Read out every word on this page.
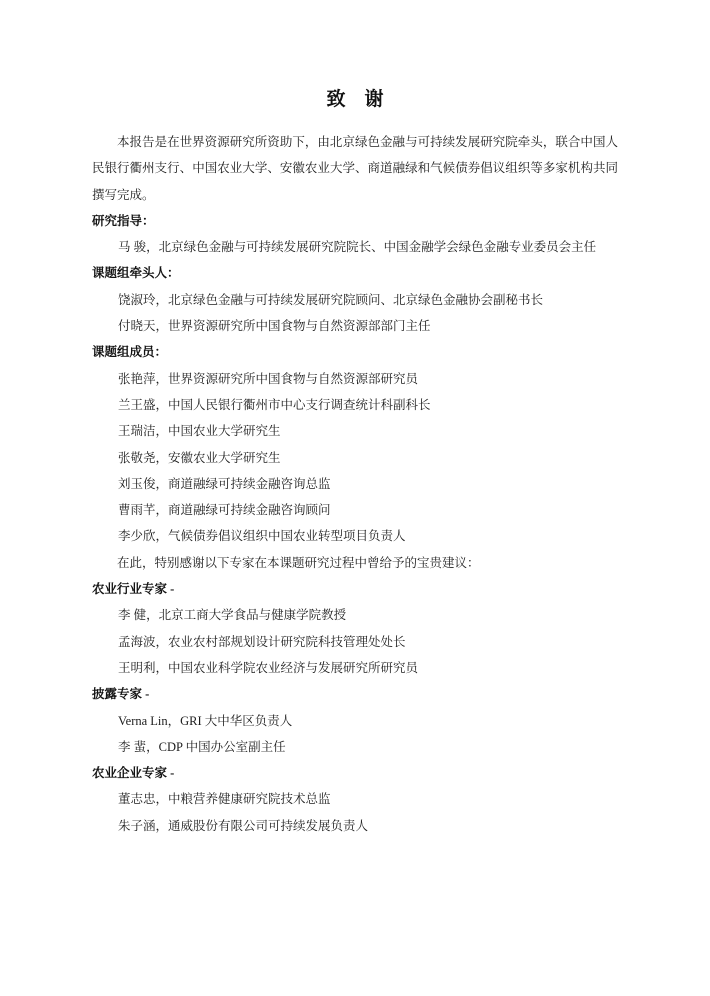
致　谢

本报告是在世界资源研究所资助下，由北京绿色金融与可持续发展研究院牵头，联合中国人民银行衢州支行、中国农业大学、安徽农业大学、商道融绿和气候债券倡议组织等多家机构共同撰写完成。

研究指导：
马 骏，北京绿色金融与可持续发展研究院院长、中国金融学会绿色金融专业委员会主任
课题组牵头人：
饶淑玲，北京绿色金融与可持续发展研究院顾问、北京绿色金融协会副秘书长
付晓天，世界资源研究所中国食物与自然资源部部门主任
课题组成员：
张艳萍，世界资源研究所中国食物与自然资源部研究员
兰王盛，中国人民银行衢州市中心支行调查统计科副科长
王瑞洁，中国农业大学研究生
张敬尧，安徽农业大学研究生
刘玉俊，商道融绿可持续金融咨询总监
曹雨芊，商道融绿可持续金融咨询顾问
李少欣，气候债券倡议组织中国农业转型项目负责人

在此，特别感谢以下专家在本课题研究过程中曾给予的宝贵建议：

农业行业专家 -
李 健，北京工商大学食品与健康学院教授
孟海波，农业农村部规划设计研究院科技管理处处长
王明利，中国农业科学院农业经济与发展研究所研究员
披露专家 -
Verna Lin，GRI 大中华区负责人
李 蜚，CDP 中国办公室副主任
农业企业专家 -
董志忠，中粮营养健康研究院技术总监
朱子涵，通威股份有限公司可持续发展负责人
